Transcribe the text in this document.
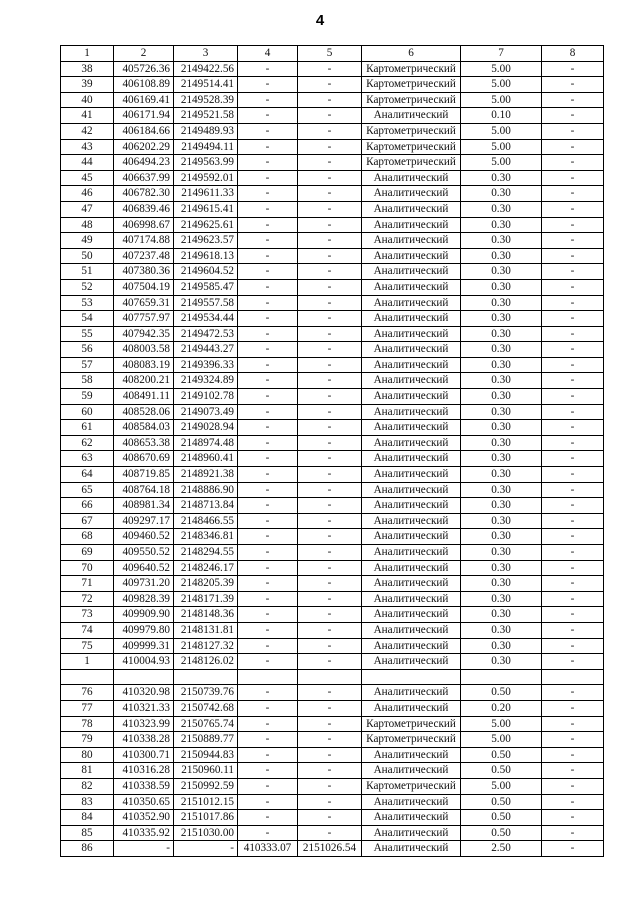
4
1	2	3	4	5	6	7	8
38	405726.36	2149422.56	-	-	Картометрический	5.00	-
39	406108.89	2149514.41	-	-	Картометрический	5.00	-
40	406169.41	2149528.39	-	-	Картометрический	5.00	-
41	406171.94	2149521.58	-	-	Аналитический	0.10	-
42	406184.66	2149489.93	-	-	Картометрический	5.00	-
43	406202.29	2149494.11	-	-	Картометрический	5.00	-
44	406494.23	2149563.99	-	-	Картометрический	5.00	-
45	406637.99	2149592.01	-	-	Аналитический	0.30	-
46	406782.30	2149611.33	-	-	Аналитический	0.30	-
47	406839.46	2149615.41	-	-	Аналитический	0.30	-
48	406998.67	2149625.61	-	-	Аналитический	0.30	-
49	407174.88	2149623.57	-	-	Аналитический	0.30	-
50	407237.48	2149618.13	-	-	Аналитический	0.30	-
51	407380.36	2149604.52	-	-	Аналитический	0.30	-
52	407504.19	2149585.47	-	-	Аналитический	0.30	-
53	407659.31	2149557.58	-	-	Аналитический	0.30	-
54	407757.97	2149534.44	-	-	Аналитический	0.30	-
55	407942.35	2149472.53	-	-	Аналитический	0.30	-
56	408003.58	2149443.27	-	-	Аналитический	0.30	-
57	408083.19	2149396.33	-	-	Аналитический	0.30	-
58	408200.21	2149324.89	-	-	Аналитический	0.30	-
59	408491.11	2149102.78	-	-	Аналитический	0.30	-
60	408528.06	2149073.49	-	-	Аналитический	0.30	-
61	408584.03	2149028.94	-	-	Аналитический	0.30	-
62	408653.38	2148974.48	-	-	Аналитический	0.30	-
63	408670.69	2148960.41	-	-	Аналитический	0.30	-
64	408719.85	2148921.38	-	-	Аналитический	0.30	-
65	408764.18	2148886.90	-	-	Аналитический	0.30	-
66	408981.34	2148713.84	-	-	Аналитический	0.30	-
67	409297.17	2148466.55	-	-	Аналитический	0.30	-
68	409460.52	2148346.81	-	-	Аналитический	0.30	-
69	409550.52	2148294.55	-	-	Аналитический	0.30	-
70	409640.52	2148246.17	-	-	Аналитический	0.30	-
71	409731.20	2148205.39	-	-	Аналитический	0.30	-
72	409828.39	2148171.39	-	-	Аналитический	0.30	-
73	409909.90	2148148.36	-	-	Аналитический	0.30	-
74	409979.80	2148131.81	-	-	Аналитический	0.30	-
75	409999.31	2148127.32	-	-	Аналитический	0.30	-
1	410004.93	2148126.02	-	-	Аналитический	0.30	-

76	410320.98	2150739.76	-	-	Аналитический	0.50	-
77	410321.33	2150742.68	-	-	Аналитический	0.20	-
78	410323.99	2150765.74	-	-	Картометрический	5.00	-
79	410338.28	2150889.77	-	-	Картометрический	5.00	-
80	410300.71	2150944.83	-	-	Аналитический	0.50	-
81	410316.28	2150960.11	-	-	Аналитический	0.50	-
82	410338.59	2150992.59	-	-	Картометрический	5.00	-
83	410350.65	2151012.15	-	-	Аналитический	0.50	-
84	410352.90	2151017.86	-	-	Аналитический	0.50	-
85	410335.92	2151030.00	-	-	Аналитический	0.50	-
86	-	-	410333.07	2151026.54	Аналитический	2.50	-
